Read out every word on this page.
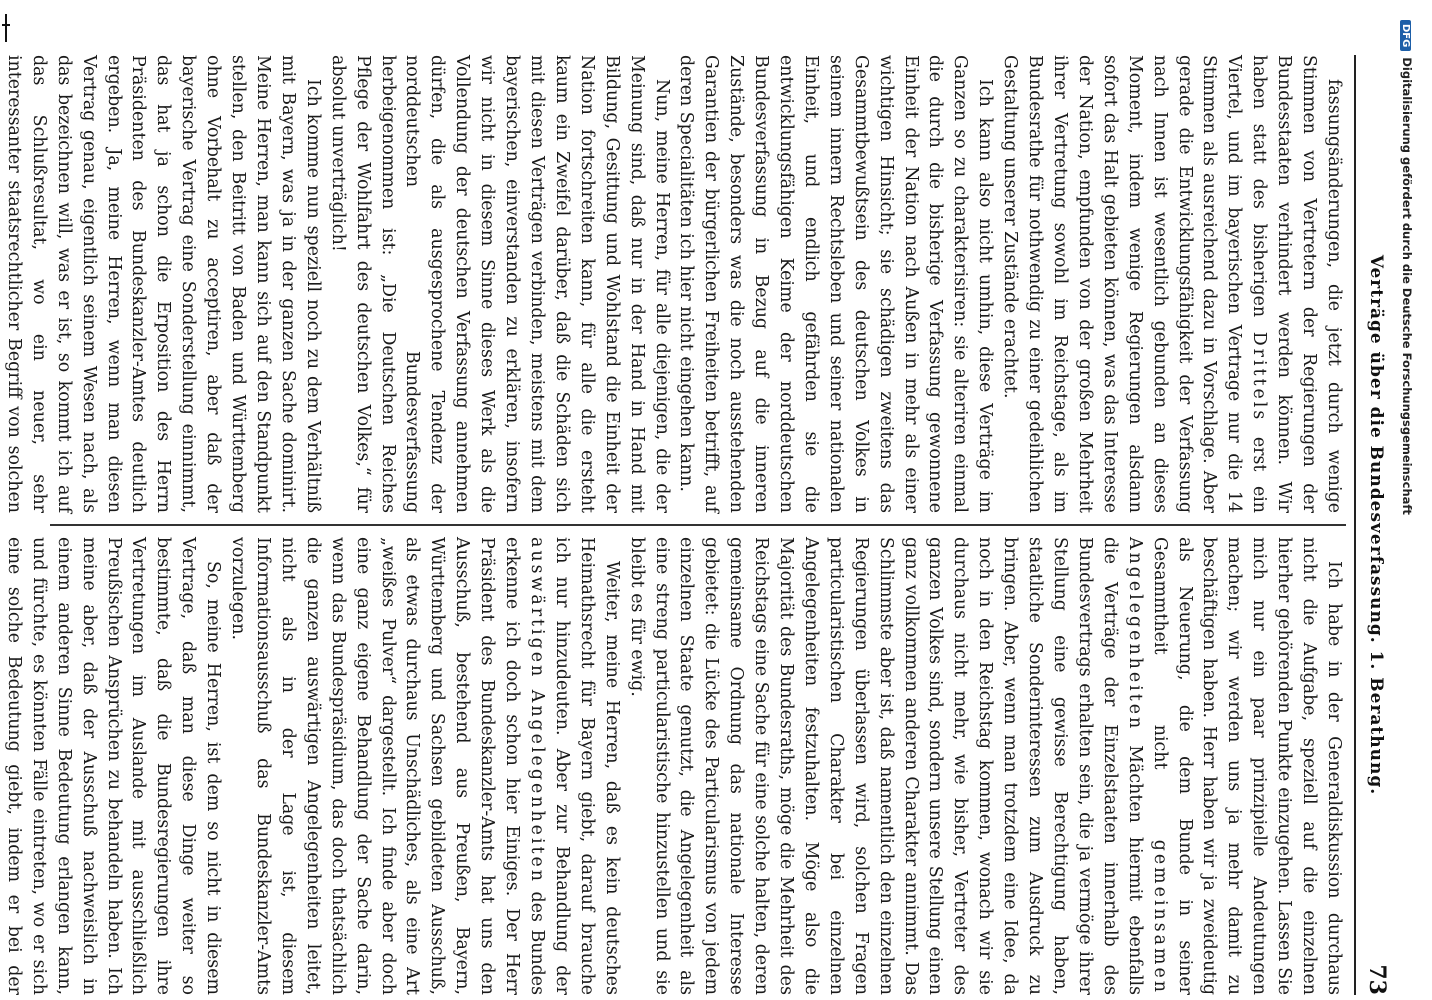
DFGDigitalisierung gefördert durch die Deutsche Forschungsgemeinschaft
Verträge über die Bundesverfassung. 1. Berathung.
73

fassungsänderungen, die jetzt durch wenige Stimmen von Vertretern der Regierungen der Bundesstaaten verhindert werden können. Wir haben statt des bisherigen Drittels erst ein Viertel, und im bayerischen Vertrage nur die 14 Stimmen als ausreichend dazu in Vorschlage. Aber gerade die Entwicklungsfähigkeit der Verfassung nach Innen ist wesentlich gebunden an dieses Moment, indem wenige Regierungen alsdann sofort das Halt gebieten können, was das Interesse der Nation, empfunden von der großen Mehrheit ihrer Vertretung sowohl im Reichstage, als im Bundesrathe für nothwendig zu einer gedeihlichen Gestaltung unserer Zustände erachtet.

Ich kann also nicht umhin, diese Verträge im Ganzen so zu charakterisiren: sie alteriren einmal die durch die bisherige Verfassung gewonnene Einheit der Nation nach Außen in mehr als einer wichtigen Hinsicht; sie schädigen zweitens das Gesammtbewußtsein des deutschen Volkes in seinem innern Rechtsleben und seiner nationalen Einheit, und endlich gefährden sie die entwicklungsfähigen Keime der norddeutschen Bundesverfassung in Bezug auf die inneren Zustände, besonders was die noch ausstehenden Garantien der bürgerlichen Freiheiten betrifft, auf deren Specialitäten ich hier nicht eingehen kann.

Nun, meine Herren, für alle diejenigen, die der Meinung sind, daß nur in der Hand in Hand mit Bildung, Gesittung und Wohlstand die Einheit der Nation fortschreiten kann, für alle die ersteht kaum ein Zweifel darüber, daß die Schäden sich mit diesen Verträgen verbinden, meistens mit dem bayerischen, einverstanden zu erklären, insofern wir nicht in diesem Sinne dieses Werk als die Vollendung der deutschen Verfassung annehmen dürfen, die als ausgesprochene Tendenz der norddeutschen Bundesverfassung herbeigenommen ist: „Die Deutschen Reiches Pflege der Wohlfahrt des deutschen Volkes,“ für absolut unverträglich!

Ich komme nun speziell noch zu dem Verhältniß mit Bayern, was ja in der ganzen Sache dominirt. Meine Herren, man kann sich auf den Standpunkt stellen, den Beitritt von Baden und Württemberg ohne Vorbehalt zu acceptiren, aber daß der bayerische Vertrag eine Sonderstellung einnimmt, das hat ja schon die Erposition des Herrn Präsidenten des Bundeskanzler-Amtes deutlich ergeben. Ja, meine Herren, wenn man diesen Vertrag genau, eigentlich seinem Wesen nach, als das bezeichnen will, was er ist, so kommt ich auf das Schlußresultat, wo ein neuer, sehr interessanter staatsrechtlicher Begriff von solchen

Ich habe in der Generaldiskussion durchaus nicht die Aufgabe, speziell auf die einzelnen hierher gehörenden Punkte einzugehen. Lassen Sie mich nur ein paar prinzipielle Andeutungen machen; wir werden uns ja mehr damit zu beschäftigen haben. Herr haben wir ja zweideutig als Neuerung, die dem Bunde in seiner Gesammtheit nicht gemeinsamen Angelegenheiten Mächten hiermit ebenfalls die Verträge der Einzelstaaten innerhalb des Bundesvertrags erhalten sein, die ja vermöge ihrer Stellung eine gewisse Berechtigung haben, staatliche Sonderinteressen zum Ausdruck zu bringen. Aber, wenn man trotzdem eine Idee, da noch in den Reichstag kommen, wonach wir sie durchaus nicht mehr, wie bisher, Vertreter des ganzen Volkes sind, sondern unsere Stellung einen ganz vollkommen anderen Charakter annimmt. Das Schlimmste aber ist, daß namentlich den einzelnen Regierungen überlassen wird, solchen Fragen particularistischen Charakter bei einzelnen Angelegenheiten festzuhalten. Möge also die Majorität des Bundesraths, möge die Mehrheit des Reichstags eine Sache für eine solche halten, deren gemeinsame Ordnung das nationale Interesse gebietet: die Lücke des Particularismus von jedem einzelnen Staate genutzt, die Angelegenheit als eine streng particularistische hinzustellen und sie bleibt es für ewig.

Weiter, meine Herren, daß es kein deutsches Heimathsrecht für Bayern giebt, darauf brauche ich nur hinzudeuten. Aber zur Behandlung der auswärtigen Angelegenheiten des Bundes erkenne ich doch schon hier Einiges. Der Herr Präsident des Bundeskanzler-Amts hat uns den Ausschuß, bestehend aus Preußen, Bayern, Württemberg und Sachsen gebildeten Ausschuß, als etwas durchaus Unschädliches, als eine Art „weißes Pulver“ dargestellt. Ich finde aber doch eine ganz eigene Behandlung der Sache darin, wenn das Bundespräsidium, das doch thatsächlich die ganzen auswärtigen Angelegenheiten leitet, nicht als in der Lage ist, diesem Informationsausschuß das Bundeskanzler-Amts vorzulegen.

So, meine Herren, ist dem so nicht in diesem Vertrage, daß man diese Dinge weiter so bestimmte, daß die Bundesregierungen ihre Vertretungen im Auslande mit ausschließlich Preußischen Ansprüchen zu behandeln haben. Ich meine aber, daß der Ausschuß nachweislich in einem anderen Sinne Bedeutung erlangen kann, und fürchte, es könnten Fälle eintreten, wo er sich eine solche Bedeutung giebt, indem er bei der
